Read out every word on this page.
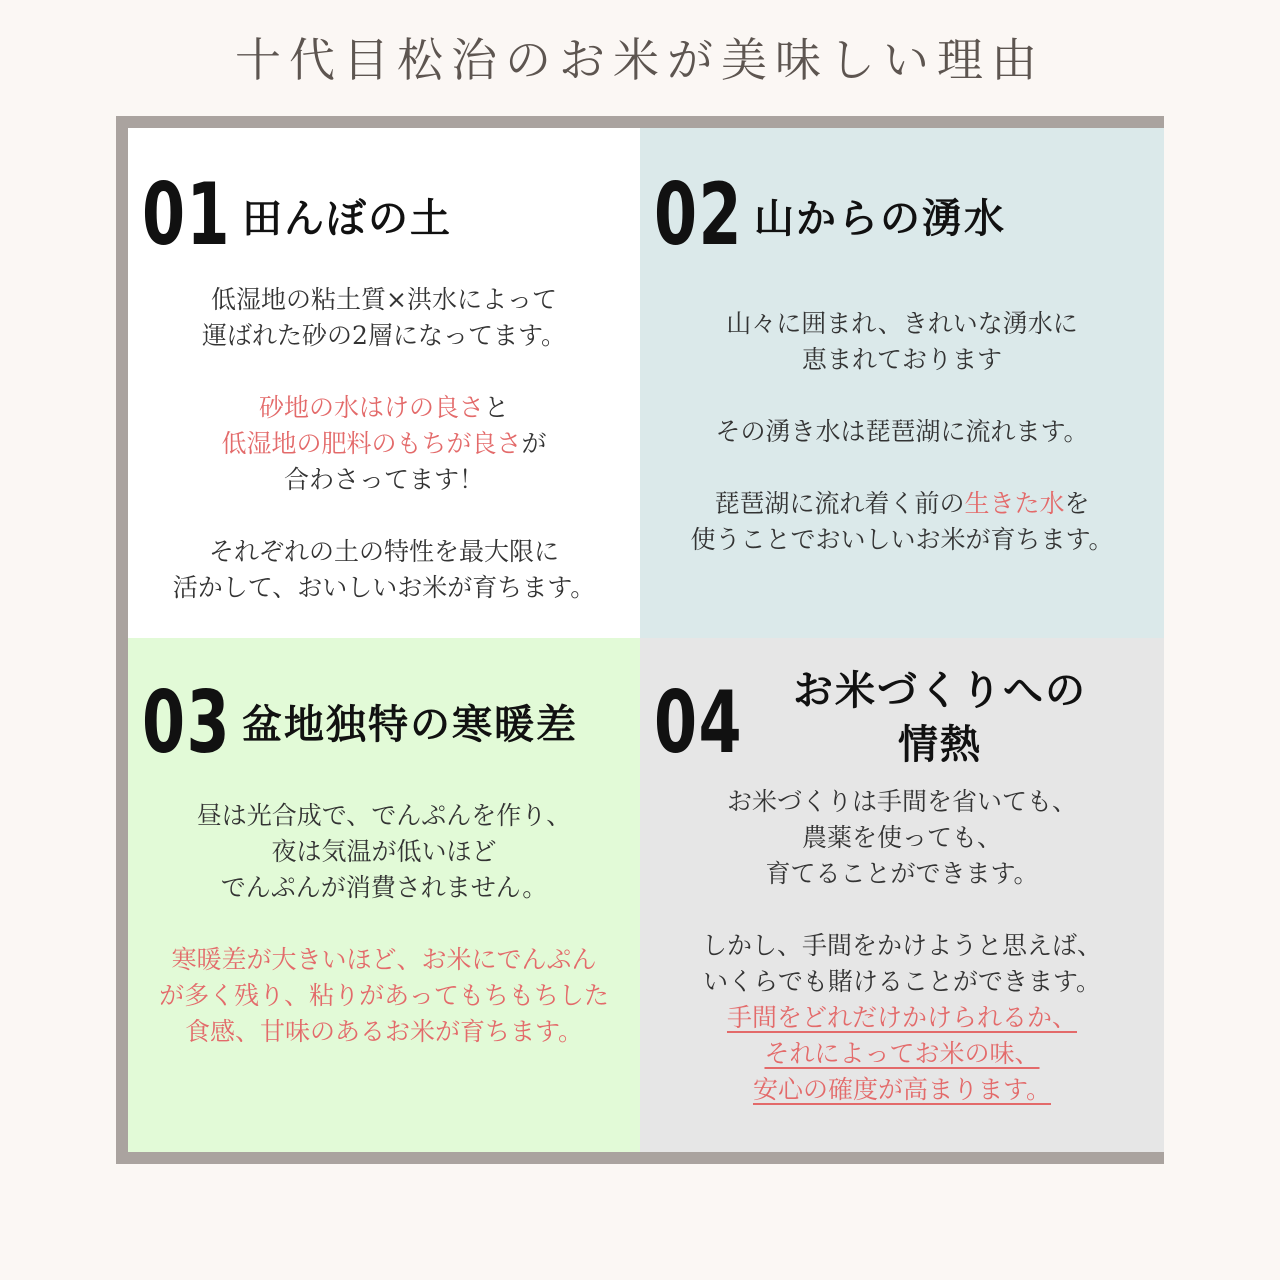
十代目松治のお米が美味しい理由
01 田んぼの土

低湿地の粘土質×洪水によって

運ばれた砂の2層になってます。

砂地の水はけの良さと

低湿地の肥料のもちが良さが

合わさってます！

それぞれの土の特性を最大限に

活かして、おいしいお米が育ちます。

02 山からの湧水

山々に囲まれ、きれいな湧水に

恵まれております

その湧き水は琵琶湖に流れます。

琵琶湖に流れ着く前の生きた水を

使うことでおいしいお米が育ちます。

03 盆地独特の寒暖差

昼は光合成で、でんぷんを作り、

夜は気温が低いほど

でんぷんが消費されません。

寒暖差が大きいほど、お米にでんぷん

が多く残り、粘りがあってもちもちした

食感、甘味のあるお米が育ちます。

04	お米づくりへの
情熱

お米づくりは手間を省いても、

農薬を使っても、

育てることができます。

しかし、手間をかけようと思えば、

いくらでも賭けることができます。

手間をどれだけかけられるか、

それによってお米の味、

安心の確度が高まります。
